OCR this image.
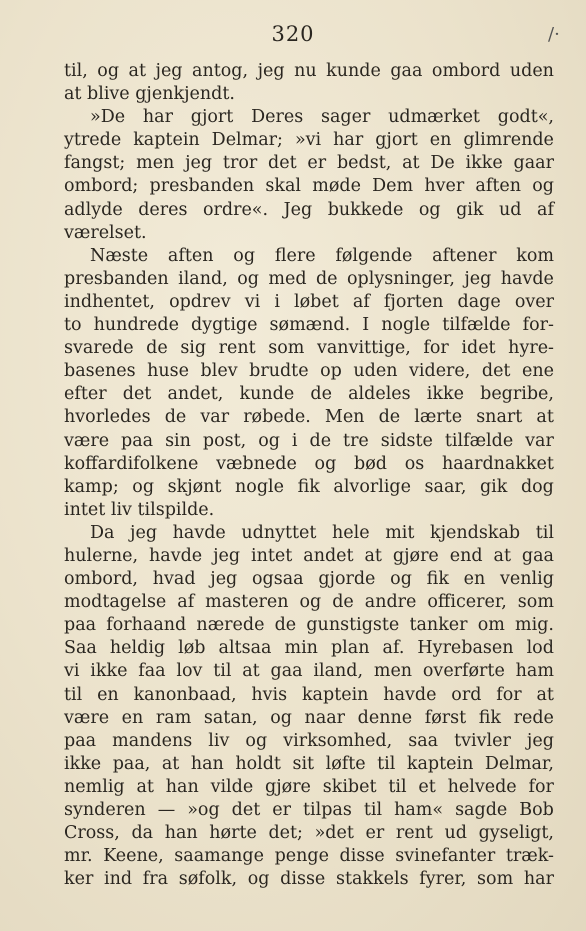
320	/·
til, og at jeg antog, jeg nu kunde gaa ombord uden
at blive gjenkjendt.
»De har gjort Deres sager udmærket godt«,
ytrede kaptein Delmar; »vi har gjort en glimrende
fangst; men jeg tror det er bedst, at De ikke gaar
ombord; presbanden skal møde Dem hver aften og
adlyde deres ordre«. Jeg bukkede og gik ud af
værelset.
Næste aften og flere følgende aftener kom
presbanden iland, og med de oplysninger, jeg havde
indhentet, opdrev vi i løbet af fjorten dage over
to hundrede dygtige sømænd. I nogle tilfælde for-
svarede de sig rent som vanvittige, for idet hyre-
basenes huse blev brudte op uden videre, det ene
efter det andet, kunde de aldeles ikke begribe,
hvorledes de var røbede. Men de lærte snart at
være paa sin post, og i de tre sidste tilfælde var
koffardifolkene væbnede og bød os haardnakket
kamp; og skjønt nogle fik alvorlige saar, gik dog
intet liv tilspilde.
Da jeg havde udnyttet hele mit kjendskab til
hulerne, havde jeg intet andet at gjøre end at gaa
ombord, hvad jeg ogsaa gjorde og fik en venlig
modtagelse af masteren og de andre officerer, som
paa forhaand nærede de gunstigste tanker om mig.
Saa heldig løb altsaa min plan af. Hyrebasen lod
vi ikke faa lov til at gaa iland, men overførte ham
til en kanonbaad, hvis kaptein havde ord for at
være en ram satan, og naar denne først fik rede
paa mandens liv og virksomhed, saa tvivler jeg
ikke paa, at han holdt sit løfte til kaptein Delmar,
nemlig at han vilde gjøre skibet til et helvede for
synderen — »og det er tilpas til ham« sagde Bob
Cross, da han hørte det; »det er rent ud gyseligt,
mr. Keene, saamange penge disse svinefanter træk-
ker ind fra søfolk, og disse stakkels fyrer, som har
